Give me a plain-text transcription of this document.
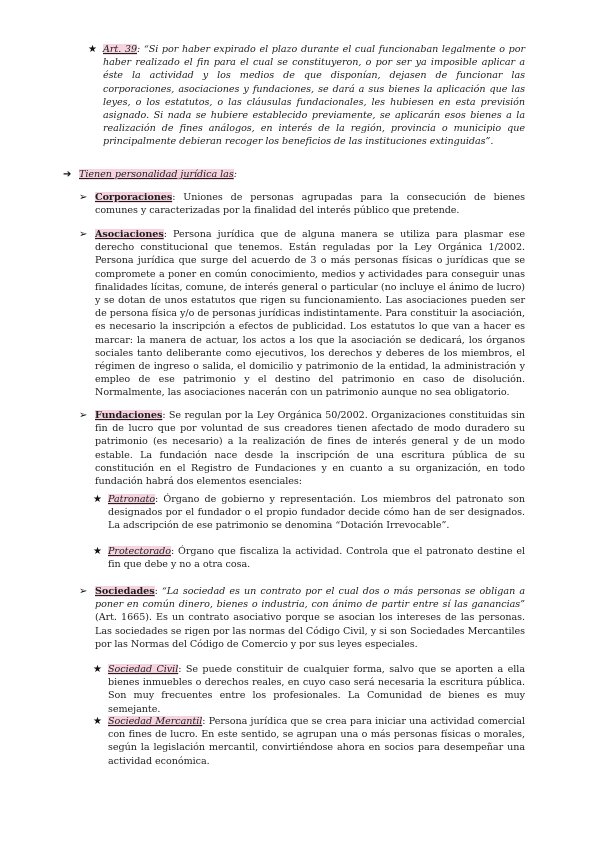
★ Art. 39: “Si por haber expirado el plazo durante el cual funcionaban legalmente o por haber realizado el fin para el cual se constituyeron, o por ser ya imposible aplicar a éste la actividad y los medios de que disponían, dejasen de funcionar las corporaciones, asociaciones y fundaciones, se dará a sus bienes la aplicación que las leyes, o los estatutos, o las cláusulas fundacionales, les hubiesen en esta previsión asignado. Si nada se hubiere establecido previamente, se aplicarán esos bienes a la realización de fines análogos, en interés de la región, provincia o municipio que principalmente debieran recoger los beneficios de las instituciones extinguidas”.

➔ Tienen personalidad jurídica las:

➢ Corporaciones: Uniones de personas agrupadas para la consecución de bienes comunes y caracterizadas por la finalidad del interés público que pretende.

➢ Asociaciones: Persona jurídica que de alguna manera se utiliza para plasmar ese derecho constitucional que tenemos. Están reguladas por la Ley Orgánica 1/2002. Persona jurídica que surge del acuerdo de 3 o más personas físicas o jurídicas que se compromete a poner en común conocimiento, medios y actividades para conseguir unas finalidades lícitas, comune, de interés general o particular (no incluye el ánimo de lucro) y se dotan de unos estatutos que rigen su funcionamiento. Las asociaciones pueden ser de persona física y/o de personas jurídicas indistintamente. Para constituir la asociación, es necesario la inscripción a efectos de publicidad. Los estatutos lo que van a hacer es marcar: la manera de actuar, los actos a los que la asociación se dedicará, los órganos sociales tanto deliberante como ejecutivos, los derechos y deberes de los miembros, el régimen de ingreso o salida, el domicilio y patrimonio de la entidad, la administración y empleo de ese patrimonio y el destino del patrimonio en caso de disolución. Normalmente, las asociaciones nacerán con un patrimonio aunque no sea obligatorio.

➢ Fundaciones: Se regulan por la Ley Orgánica 50/2002. Organizaciones constituidas sin fin de lucro que por voluntad de sus creadores tienen afectado de modo duradero su patrimonio (es necesario) a la realización de fines de interés general y de un modo estable. La fundación nace desde la inscripción de una escritura pública de su constitución en el Registro de Fundaciones y en cuanto a su organización, en todo fundación habrá dos elementos esenciales:

★ Patronato: Órgano de gobierno y representación. Los miembros del patronato son designados por el fundador o el propio fundador decide cómo han de ser designados. La adscripción de ese patrimonio se denomina “Dotación Irrevocable”.

★ Protectorado: Órgano que fiscaliza la actividad. Controla que el patronato destine el fin que debe y no a otra cosa.

➢ Sociedades: “La sociedad es un contrato por el cual dos o más personas se obligan a poner en común dinero, bienes o industria, con ánimo de partir entre sí las ganancias” (Art. 1665). Es un contrato asociativo porque se asocian los intereses de las personas. Las sociedades se rigen por las normas del Código Civil, y si son Sociedades Mercantiles por las Normas del Código de Comercio y por sus leyes especiales.

★ Sociedad Civil: Se puede constituir de cualquier forma, salvo que se aporten a ella bienes inmuebles o derechos reales, en cuyo caso será necesaria la escritura pública. Son muy frecuentes entre los profesionales. La Comunidad de bienes es muy semejante.

★ Sociedad Mercantil: Persona jurídica que se crea para iniciar una actividad comercial con fines de lucro. En este sentido, se agrupan una o más personas físicas o morales, según la legislación mercantil, convirtiéndose ahora en socios para desempeñar una actividad económica.
